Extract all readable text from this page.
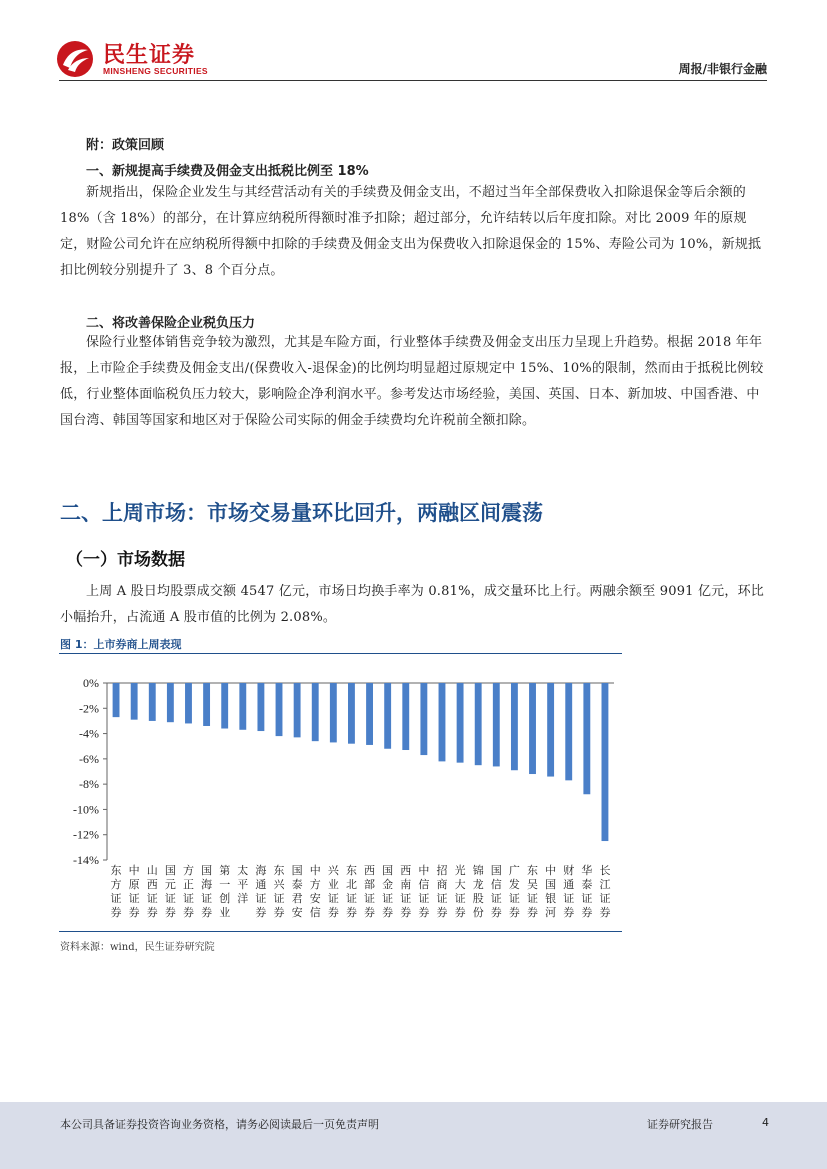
民生证券
MINSHENG SECURITIES	周报/非银行金融
附：政策回顾
一、新规提高手续费及佣金支出抵税比例至 18%
新规指出，保险企业发生与其经营活动有关的手续费及佣金支出，不超过当年全部保费收入扣除退保金等后余额的 18%（含 18%）的部分，在计算应纳税所得额时准予扣除；超过部分，允许结转以后年度扣除。对比 2009 年的原规定，财险公司允许在应纳税所得额中扣除的手续费及佣金支出为保费收入扣除退保金的 15%、寿险公司为 10%，新规抵扣比例较分别提升了 3、8 个百分点。
二、将改善保险企业税负压力
保险行业整体销售竞争较为激烈，尤其是车险方面，行业整体手续费及佣金支出压力呈现上升趋势。根据 2018 年年报，上市险企手续费及佣金支出/(保费收入-退保金)的比例均明显超过原规定中 15%、10%的限制，然而由于抵税比例较低，行业整体面临税负压力较大，影响险企净利润水平。参考发达市场经验，美国、英国、日本、新加坡、中国香港、中国台湾、韩国等国家和地区对于保险公司实际的佣金手续费均允许税前全额扣除。
二、上周市场：市场交易量环比回升，两融区间震荡
（一）市场数据
上周 A 股日均股票成交额 4547 亿元，市场日均换手率为 0.81%，成交量环比上行。两融余额至 9091 亿元，环比小幅抬升，占流通 A 股市值的比例为 2.08%。
图 1：上市券商上周表现
0%
-2%
-4%
-6%
-8%
-10%
-12%
-14%
东方证券
中原证券
山西证券
国元证券
方正证券
国海证券
第一创业
太平洋
海通证券
东兴证券
国泰君安
中方安信
兴业证券
东北证券
西部证券
国金证券
西南证券
中信证券
招商证券
光大证券
锦龙股份
国信证券
广发证券
东吴证券
中国银河
财通证券
华泰证券
长江证券
资料来源：wind，民生证券研究院
本公司具备证券投资咨询业务资格，请务必阅读最后一页免责声明	证券研究报告	4
